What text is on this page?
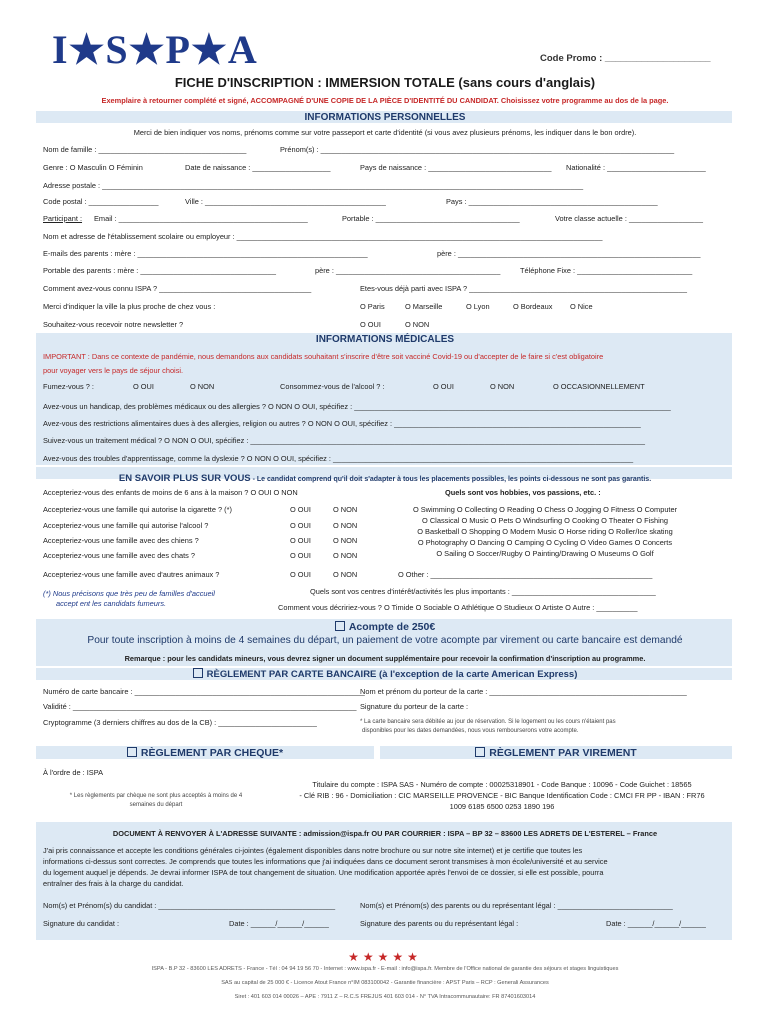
I★S★P★A	Code Promo : ____________________
FICHE D'INSCRIPTION : IMMERSION TOTALE (sans cours d'anglais)
Exemplaire à retourner complété et signé, ACCOMPAGNÉ D'UNE COPIE DE LA PIÈCE D'IDENTITÉ DU CANDIDAT. Choisissez votre programme au dos de la page.
INFORMATIONS PERSONNELLES
Merci de bien indiquer vos noms, prénoms comme sur votre passeport et carte d'identité (si vous avez plusieurs prénoms, les indiquer dans le bon ordre).
Nom de famille : ____________________________________	Prénom(s) : ______________________________________________________________________________________
Genre : O Masculin O Féminin	Date de naissance : ___________________	Pays de naissance : ______________________________ Nationalité : ________________________
Adresse postale : _____________________________________________________________________________________________________________________
Code postal : _________________	Ville : ____________________________________________	Pays : ______________________________________________
Participant : Email : ______________________________________________	Portable : ___________________________________	Votre classe actuelle : __________________
Nom et adresse de l'établissement scolaire ou employeur : _________________________________________________________________________________________
E-mails des parents : mère : ________________________________________________________	père : ___________________________________________________________
Portable des parents : mère : _________________________________	père : ________________________________________	Téléphone Fixe : ____________________________
Comment avez-vous connu ISPA ? _____________________________________	Etes-vous déjà parti avec ISPA ? _____________________________________________________
Merci d'indiquer la ville la plus proche de chez vous :	O Paris	O Marseille	O Lyon	O Bordeaux O Nice
Souhaitez-vous recevoir notre newsletter ?	O OUI	O NON
INFORMATIONS MÉDICALES
IMPORTANT : Dans ce contexte de pandémie, nous demandons aux candidats souhaitant s'inscrire d'être soit vacciné Covid-19 ou d'accepter de le faire si c'est obligatoire
pour voyager vers le pays de séjour choisi.
Fumez-vous ? :	O OUI	O NON	Consommez-vous de l'alcool ? :	O OUI	O NON	O OCCASIONNELLEMENT
Avez-vous un handicap, des problèmes médicaux ou des allergies ? O NON O OUI, spécifiez : _____________________________________________________________________________
Avez-vous des restrictions alimentaires dues à des allergies, religion ou autres ? O NON O OUI, spécifiez : ____________________________________________________________
Suivez-vous un traitement médical ? O NON O OUI, spécifiez : ________________________________________________________________________________________________
Avez-vous des troubles d'apprentissage, comme la dyslexie ? O NON O OUI, spécifiez : _________________________________________________________________________
EN SAVOIR PLUS SUR VOUS - Le candidat comprend qu'il doit s'adapter à tous les placements possibles, les points ci-dessous ne sont pas garantis.
Accepteriez-vous des enfants de moins de 6 ans à la maison ? O OUI O NON
Accepteriez-vous une famille qui autorise la cigarette ? (*)	O OUI	O NON
Accepteriez-vous une famille qui autorise l'alcool ?	O OUI	O NON
Accepteriez-vous une famille avec des chiens ?	O OUI	O NON
Accepteriez-vous une famille avec des chats ?	O OUI	O NON
Accepteriez-vous une famille avec d'autres animaux ?	O OUI	O NON
(*) Nous précisons que très peu de familles d'accueil
accept ent les candidats fumeurs.
Quels sont vos hobbies, vos passions, etc. :
O Swimming O Collecting O Reading O Chess O Jogging O Fitness O Computer
O Classical O Music O Pets O Windsurfing O Cooking O Theater O Fishing
O Basketball O Shopping O Modern Music O Horse riding O Roller/Ice skating
O Photography O Dancing O Camping O Cycling O Video Games O Concerts
O Sailing O Soccer/Rugby O Painting/Drawing O Museums O Golf
O Other : ______________________________________________________
Quels sont vos centres d'intérêt/activités les plus importants : ___________________________________
Comment vous décririez-vous ? O Timide O Sociable O Athlétique O Studieux O Artiste O Autre : __________
Acompte de 250€
Pour toute inscription à moins de 4 semaines du départ, un paiement de votre acompte par virement ou carte bancaire est demandé
Remarque : pour les candidats mineurs, vous devrez signer un document supplémentaire pour recevoir la confirmation d'inscription au programme.
RÈGLEMENT PAR CARTE BANCAIRE (à l'exception de la carte American Express)
Numéro de carte bancaire : ________________________________________________________
Nom et prénom du porteur de la carte : ________________________________________________
Validité : _____________________________________________________________________ Signature du porteur de la carte :
Cryptogramme (3 derniers chiffres au dos de la CB) : ________________________	* La carte bancaire sera débitée au jour de réservation. Si le logement ou les cours n'étaient pas
disponibles pour les dates demandées, nous vous rembourserons votre acompte.
RÈGLEMENT PAR CHEQUE*	RÈGLEMENT PAR VIREMENT
À l'ordre de : ISPA
* Les règlements par chèque ne sont plus acceptés à moins de 4
semaines du départ
Titulaire du compte : ISPA SAS - Numéro de compte : 00025318901 - Code Banque : 10096 - Code Guichet : 18565
- Clé RIB : 96 - Domiciliation : CIC MARSEILLE PROVENCE - BIC Banque Identification Code : CMCI FR PP - IBAN : FR76
1009 6185 6500 0253 1890 196
DOCUMENT À RENVOYER À L'ADRESSE SUIVANTE : admission@ispa.fr OU PAR COURRIER : ISPA – BP 32 – 83600 LES ADRETS DE L'ESTEREL – France
J'ai pris connaissance et accepte les conditions générales ci-jointes (également disponibles dans notre brochure ou sur notre site internet) et je certifie que toutes les
informations ci-dessus sont correctes. Je comprends que toutes les informations que j'ai indiquées dans ce document seront transmises à mon école/université et au service
du logement auquel je dépends. Je devrai informer ISPA de tout changement de situation. Une modification apportée après l'envoi de ce dossier, si elle est possible, pourra
entraîner des frais à la charge du candidat.
Nom(s) et Prénom(s) du candidat : ___________________________________________	Nom(s) et Prénom(s) des parents ou du représentant légal : ____________________________
Signature du candidat :	Date : ______/______/______	Signature des parents ou du représentant légal :	Date : ______/______/______
★★★★★
ISPA - B.P 32 - 83600 LES ADRETS - France - Tél : 04 94 19 56 70 - Internet : www.ispa.fr - E-mail : info@ispa.fr. Membre de l'Office national de garantie des séjours et stages linguistiques
SAS au capital de 25 000 € - Licence Atout France n°IM 083100042 - Garantie financière : APST Paris – RCP : Generali Assurances
Siret : 401 603 014 00026 – APE : 7911 Z – R.C.S FREJUS 401 603 014 - N° TVA Intracommunautaire: FR 87401603014
